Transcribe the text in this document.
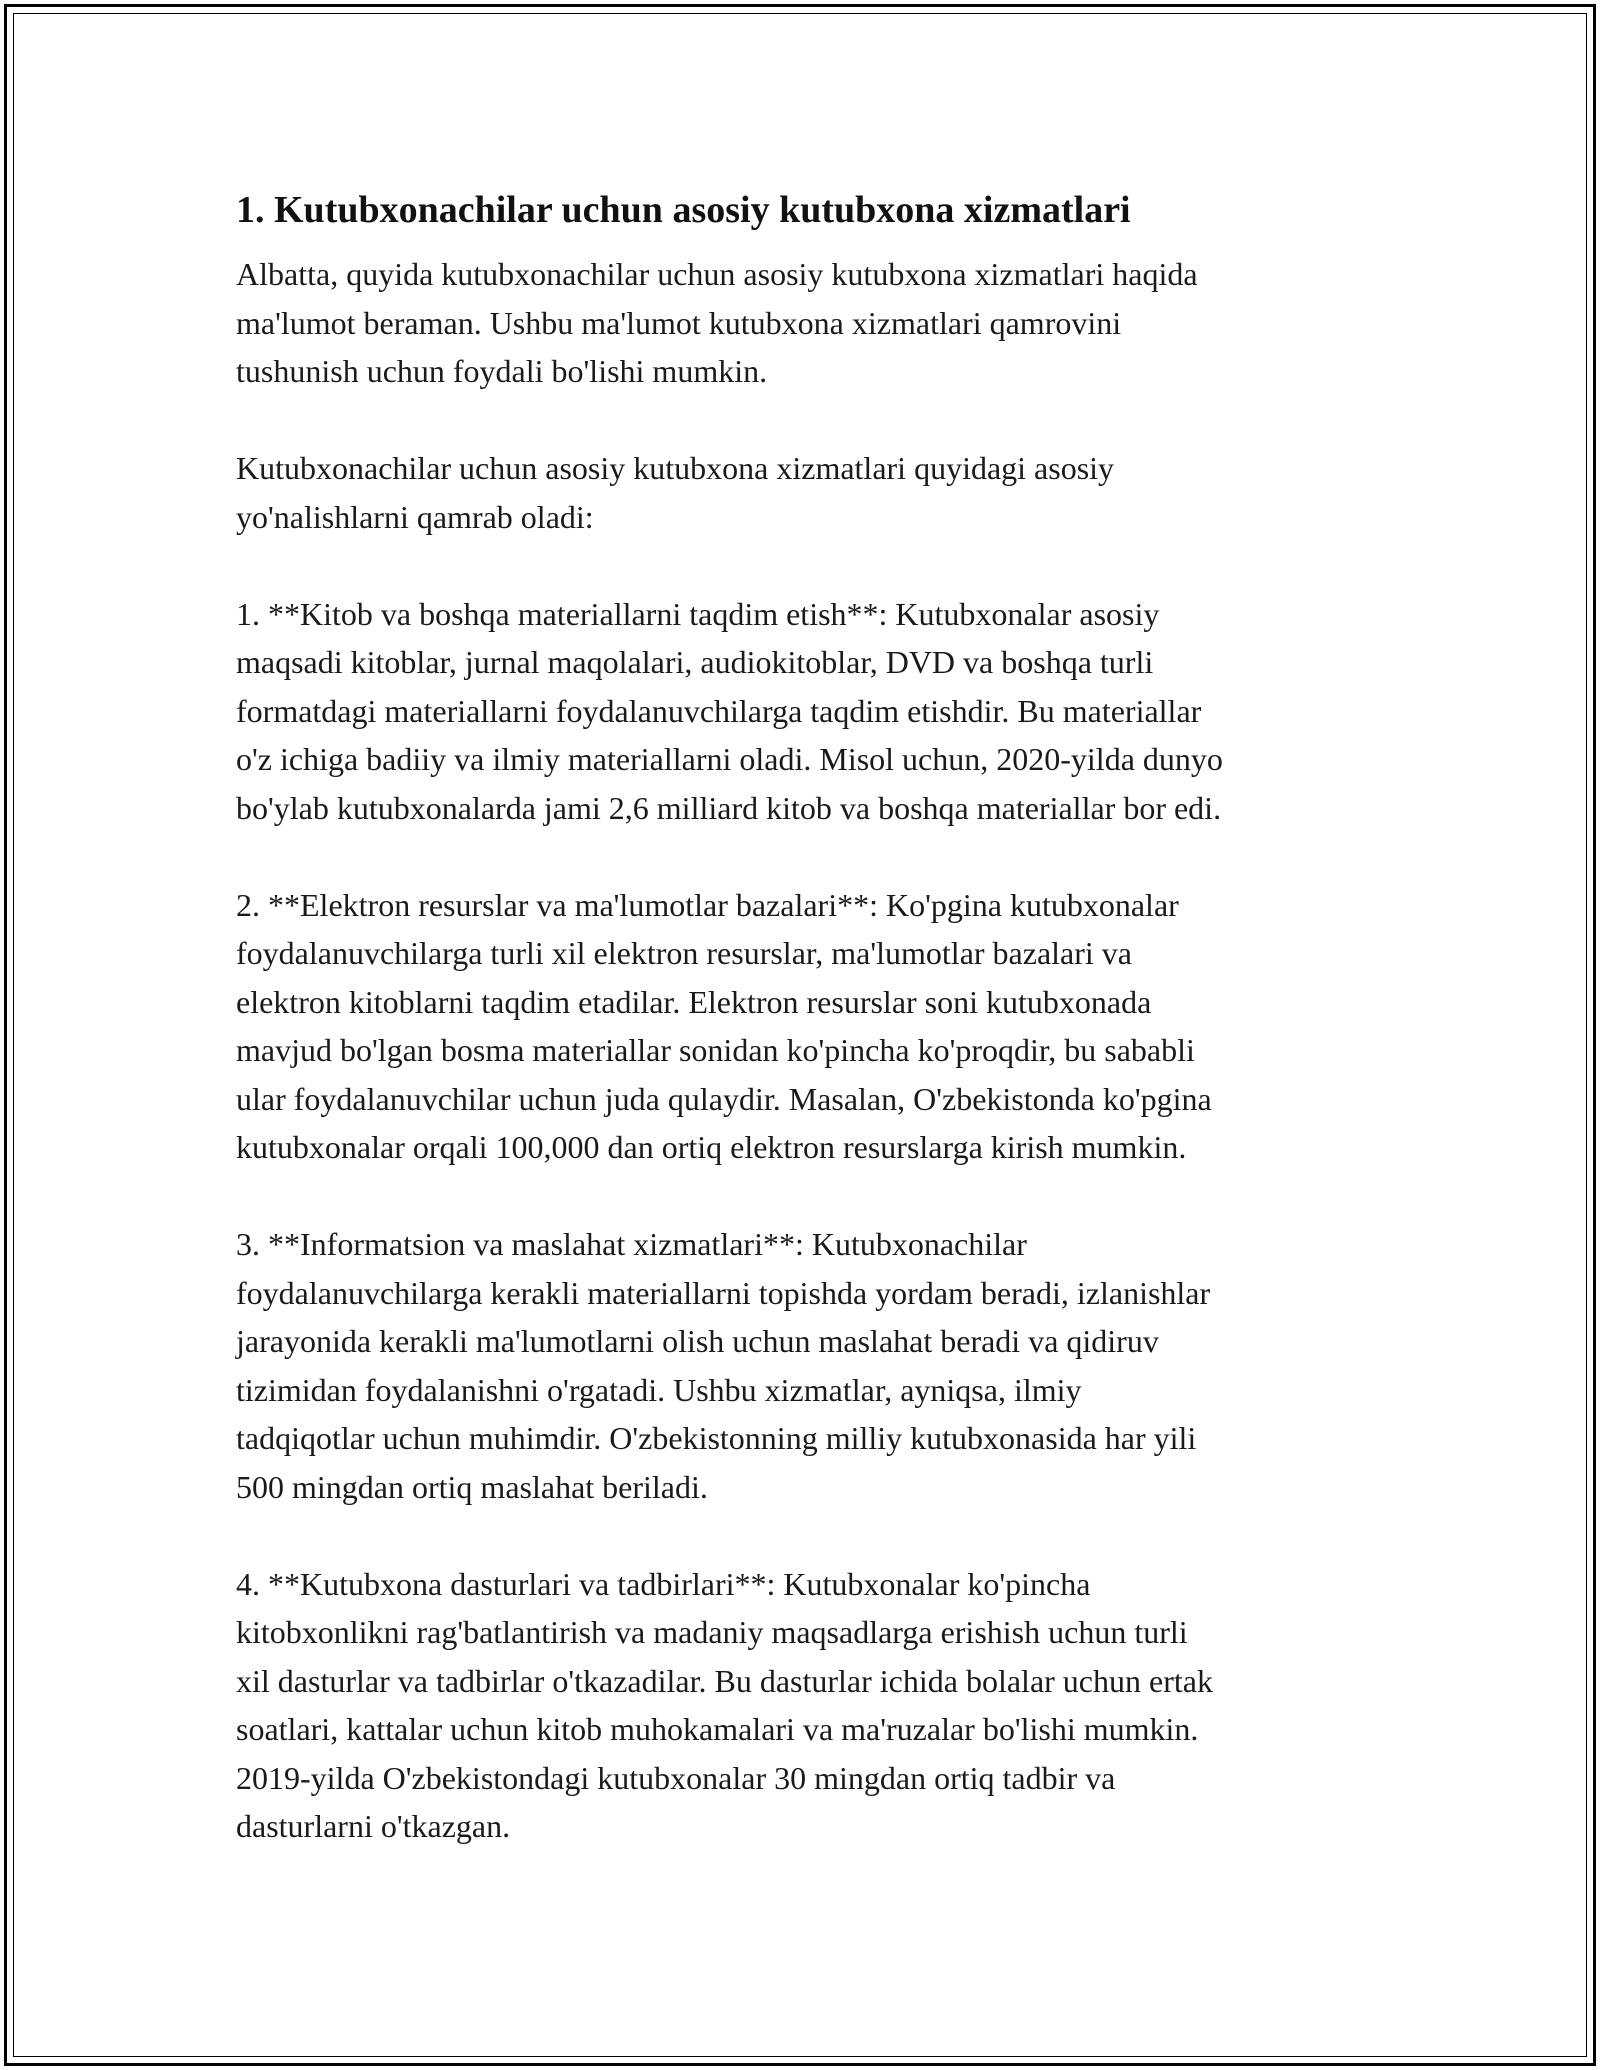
1. Kutubxonachilar uchun asosiy kutubxona xizmatlari

Albatta, quyida kutubxonachilar uchun asosiy kutubxona xizmatlari haqida
ma'lumot beraman. Ushbu ma'lumot kutubxona xizmatlari qamrovini
tushunish uchun foydali bo'lishi mumkin.

Kutubxonachilar uchun asosiy kutubxona xizmatlari quyidagi asosiy
yo'nalishlarni qamrab oladi:

1. **Kitob va boshqa materiallarni taqdim etish**: Kutubxonalar asosiy
maqsadi kitoblar, jurnal maqolalari, audiokitoblar, DVD va boshqa turli
formatdagi materiallarni foydalanuvchilarga taqdim etishdir. Bu materiallar
o'z ichiga badiiy va ilmiy materiallarni oladi. Misol uchun, 2020-yilda dunyo
bo'ylab kutubxonalarda jami 2,6 milliard kitob va boshqa materiallar bor edi.

2. **Elektron resurslar va ma'lumotlar bazalari**: Ko'pgina kutubxonalar
foydalanuvchilarga turli xil elektron resurslar, ma'lumotlar bazalari va
elektron kitoblarni taqdim etadilar. Elektron resurslar soni kutubxonada
mavjud bo'lgan bosma materiallar sonidan ko'pincha ko'proqdir, bu sababli
ular foydalanuvchilar uchun juda qulaydir. Masalan, O'zbekistonda ko'pgina
kutubxonalar orqali 100,000 dan ortiq elektron resurslarga kirish mumkin.

3. **Informatsion va maslahat xizmatlari**: Kutubxonachilar
foydalanuvchilarga kerakli materiallarni topishda yordam beradi, izlanishlar
jarayonida kerakli ma'lumotlarni olish uchun maslahat beradi va qidiruv
tizimidan foydalanishni o'rgatadi. Ushbu xizmatlar, ayniqsa, ilmiy
tadqiqotlar uchun muhimdir. O'zbekistonning milliy kutubxonasida har yili
500 mingdan ortiq maslahat beriladi.

4. **Kutubxona dasturlari va tadbirlari**: Kutubxonalar ko'pincha
kitobxonlikni rag'batlantirish va madaniy maqsadlarga erishish uchun turli
xil dasturlar va tadbirlar o'tkazadilar. Bu dasturlar ichida bolalar uchun ertak
soatlari, kattalar uchun kitob muhokamalari va ma'ruzalar bo'lishi mumkin.
2019-yilda O'zbekistondagi kutubxonalar 30 mingdan ortiq tadbir va
dasturlarni o'tkazgan.
